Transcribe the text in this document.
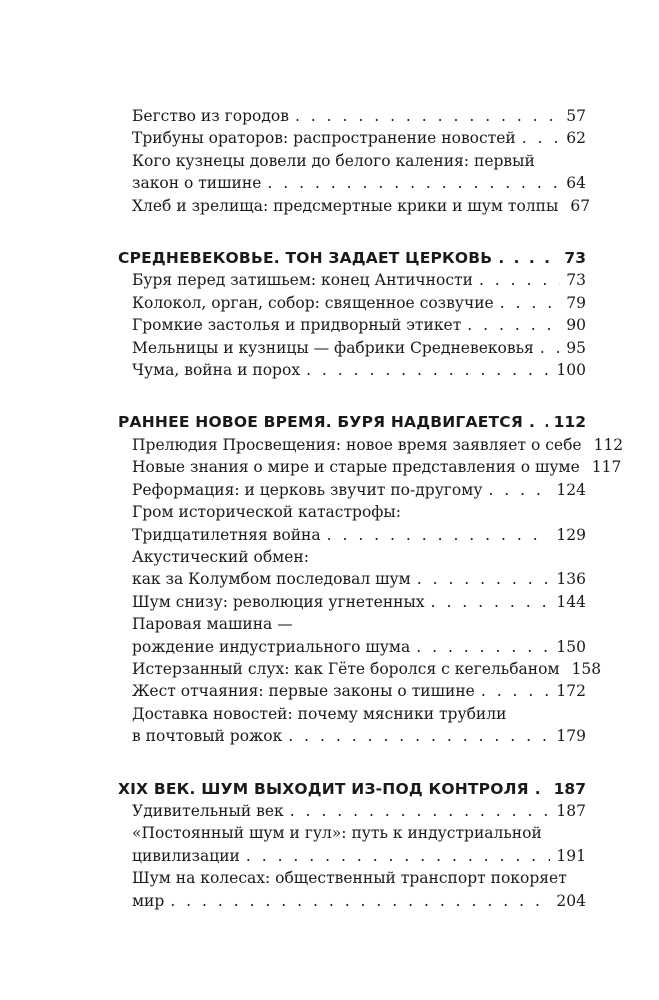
Бегство из городов . . .	57
Трибуны ораторов: распространение новостей . . .	62
Кого кузнецы довели до белого каления: первый
закон о тишине . . .	64
Хлеб и зрелища: предсмертные крики и шум толпы 67
СРЕДНЕВЕКОВЬЕ. ТОН ЗАДАЕТ ЦЕРКОВЬ . . .	73
Буря перед затишьем: конец Античности . . .	73
Колокол, орган, собор: священное созвучие . . .	79
Громкие застолья и придворный этикет . . .	90
Мельницы и кузницы — фабрики Средневековья . . . 95
Чума, война и порох . . .	100
РАННЕЕ НОВОЕ ВРЕМЯ. БУРЯ НАДВИГАЕТСЯ . . . 112
Прелюдия Просвещения: новое время заявляет о себе 112
Новые знания о мире и старые представления о шуме 117
Реформация: и церковь звучит по-другому . . .	124
Гром исторической катастрофы:
Тридцатилетняя война . . .	129
Акустический обмен:
как за Колумбом последовал шум . . .	136
Шум снизу: революция угнетенных . . .	144
Паровая машина —
рождение индустриального шума . . .	150
Истерзанный слух: как Гёте боролся с кегельбаном 158
Жест отчаяния: первые законы о тишине . . .	172
Доставка новостей: почему мясники трубили
в почтовый рожок . . .	179
XIX ВЕК. ШУМ ВЫХОДИТ ИЗ-ПОД КОНТРОЛЯ . . . 187
Удивительный век . . .	187
«Постоянный шум и гул»: путь к индустриальной
цивилизации . . .	191
Шум на колесах: общественный транспорт покоряет
мир . . .	204
